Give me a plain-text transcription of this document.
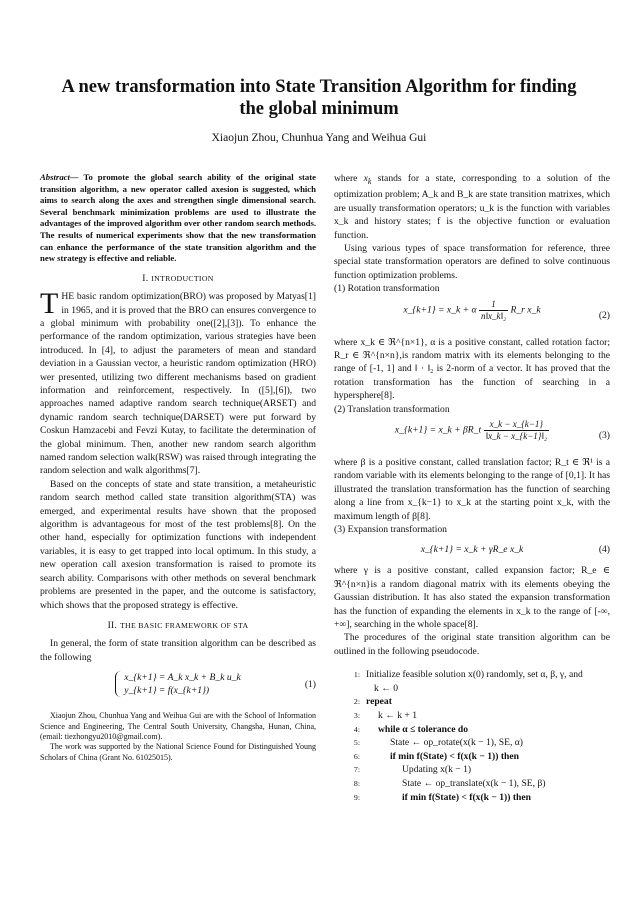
A new transformation into State Transition Algorithm for finding
the global minimum
Xiaojun Zhou, Chunhua Yang and Weihua Gui

Abstract— To promote the global search ability of the original state transition algorithm, a new operator called axesion is suggested, which aims to search along the axes and strengthen single dimensional search. Several benchmark minimization problems are used to illustrate the advantages of the improved algorithm over other random search methods. The results of numerical experiments show that the new transformation can enhance the performance of the state transition algorithm and the new strategy is effective and reliable.

I. INTRODUCTION

THE basic random optimization(BRO) was proposed by Matyas[1] in 1965, and it is proved that the BRO can ensures convergence to a global minimum with probability one([2],[3]). To enhance the performance of the random optimization, various strategies have been introduced. In [4], to adjust the parameters of mean and standard deviation in a Gaussian vector, a heuristic random optimization (HRO) wer presented, utilizing two different mechanisms based on gradient information and reinforcement, respectively. In ([5],[6]), two approaches named adaptive random search technique(ARSET) and dynamic random search technique(DARSET) were put forward by Coskun Hamzacebi and Fevzi Kutay, to facilitate the determination of the global minimum. Then, another new random search algorithm named random selection walk(RSW) was raised through integrating the random selection and walk algorithms[7].

Based on the concepts of state and state transition, a metaheuristic random search method called state transition algorithm(STA) was emerged, and experimental results have shown that the proposed algorithm is advantageous for most of the test problems[8]. On the other hand, especially for optimization functions with independent variables, it is easy to get trapped into local optimum. In this study, a new operation call axesion transformation is raised to promote its search ability. Comparisons with other methods on several benchmark problems are presented in the paper, and the outcome is satisfactory, which shows that the proposed strategy is effective.

II. THE BASIC FRAMEWORK OF STA

In general, the form of state transition algorithm can be described as the following

x_{k+1} = A_k x_k + B_k u_k
y_{k+1} = f(x_{k+1})
(1)

Xiaojun Zhou, Chunhua Yang and Weihua Gui are with the School of Information Science and Engineering, The Central South University, Changsha, Hunan, China, (email: tiezhongyu2010@gmail.com).

The work was supported by the National Science Found for Distinguished Young Scholars of China (Grant No. 61025015).

where $x_k$ stands for a state, corresponding to a solution of the optimization problem; A_k and B_k are state transition matrixes, which are usually transformation operators; u_k is the function with variables x_k and history states; f is the objective function or evaluation function.

Using various types of space transformation for reference, three special state transformation operators are defined to solve continuous function optimization problems.

(1) Rotation transformation

x_{k+1} = x_k + α $\frac{1}{\text{n‖x\_k‖₂}}$ R_r x_k	(2)

where x_k ∈ ℜ^{n×1}, α is a positive constant, called rotation factor; R_r ∈ ℜ^{n×n},is random matrix with its elements belonging to the range of [-1, 1] and ‖ · ‖₂ is 2-norm of a vector. It has proved that the rotation transformation has the function of searching in a hypersphere[8].

(2) Translation transformation

x_{k+1} = x_k + βR_t $\frac{x\_k - x\_\{k-1\}}{\text{‖x\_k − x\_\{k−1\}‖₂}}$	(3)

where β is a positive constant, called translation factor; R_t ∈ ℜ¹ is a random variable with its elements belonging to the range of [0,1]. It has illustrated the translation transformation has the function of searching along a line from x_{k−1} to x_k at the starting point x_k, with the maximum length of β[8].

(3) Expansion transformation

x_{k+1} = x_k + γR_e x_k	(4)

where γ is a positive constant, called expansion factor; R_e ∈ ℜ^{n×n}is a random diagonal matrix with its elements obeying the Gaussian distribution. It has also stated the expansion transformation has the function of expanding the elements in x_k to the range of [-∞, +∞], searching in the whole space[8].

The procedures of the original state transition algorithm can be outlined in the following pseudocode.

1: Initialize feasible solution x(0) randomly, set α, β, γ, and
k ← 0
2: repeat
3:	k ← k + 1
4:	while α ≤ tolerance do
5:	State ← op_rotate(x(k − 1), SE, α)
6:	if min f(State) < f(x(k − 1)) then
7:	Updating x(k − 1)
8:	State ← op_translate(x(k − 1), SE, β)
9:	if min f(State) < f(x(k − 1)) then
